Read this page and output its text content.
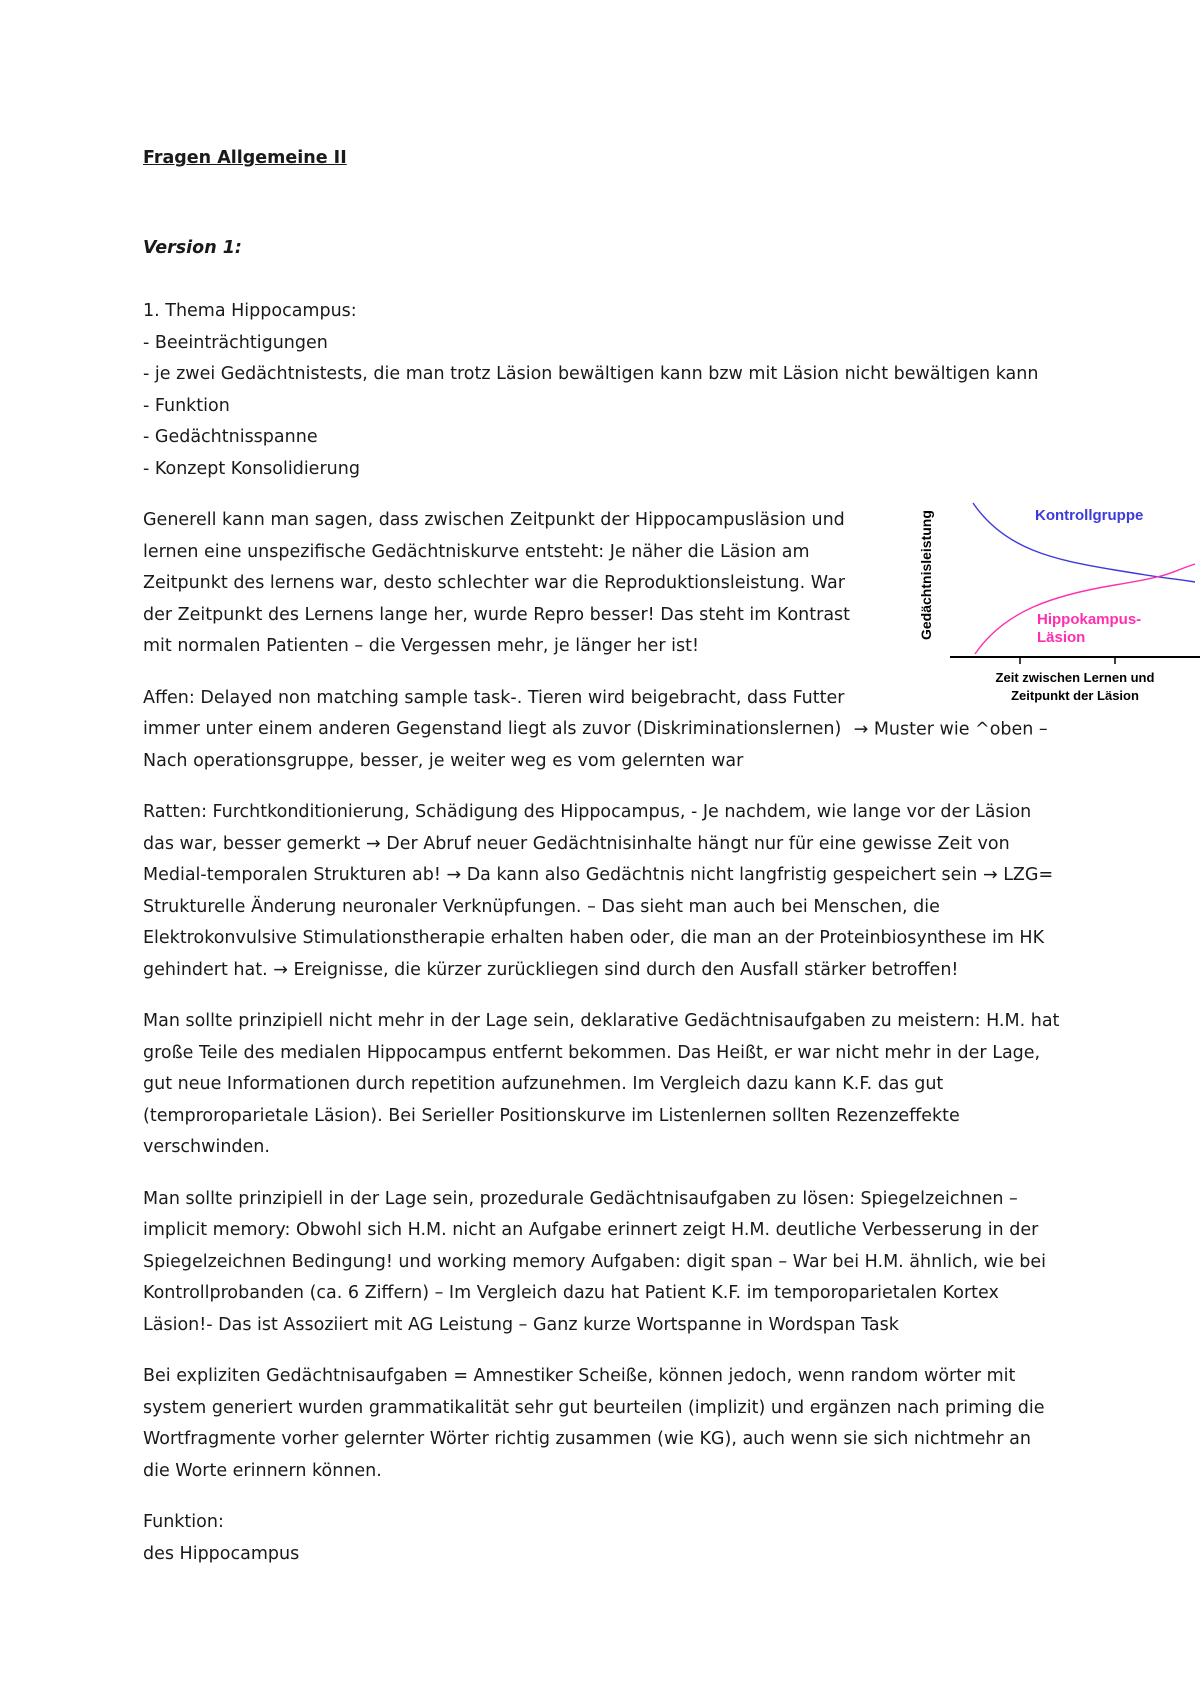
Fragen Allgemeine II

Version 1:

1. Thema Hippocampus:

- Beeinträchtigungen
- je zwei Gedächtnistests, die man trotz Läsion bewältigen kann bzw mit Läsion nicht bewältigen kann
- Funktion
- Gedächtnisspanne
- Konzept Konsolidierung

Generell kann man sagen, dass zwischen Zeitpunkt der Hippocampusläsion und lernen eine unspezifische Gedächtniskurve entsteht: Je näher die Läsion am Zeitpunkt des lernens war, desto schlechter war die Reproduktionsleistung. War der Zeitpunkt des Lernens lange her, wurde Repro besser! Das steht im Kontrast mit normalen Patienten – die Vergessen mehr, je länger her ist!

Affen: Delayed non matching sample task-. Tieren wird beigebracht, dass Futter immer unter einem anderen Gegenstand liegt als zuvor (Diskriminationslernen) → Muster wie ^oben – Nach operationsgruppe, besser, je weiter weg es vom gelernten war

Ratten: Furchtkonditionierung, Schädigung des Hippocampus, - Je nachdem, wie lange vor der Läsion das war, besser gemerkt → Der Abruf neuer Gedächtnisinhalte hängt nur für eine gewisse Zeit von Medial-temporalen Strukturen ab! → Da kann also Gedächtnis nicht langfristig gespeichert sein → LZG= Strukturelle Änderung neuronaler Verknüpfungen. – Das sieht man auch bei Menschen, die Elektrokonvulsive Stimulationstherapie erhalten haben oder, die man an der Proteinbiosynthese im HK gehindert hat. → Ereignisse, die kürzer zurückliegen sind durch den Ausfall stärker betroffen!

Man sollte prinzipiell nicht mehr in der Lage sein, deklarative Gedächtnisaufgaben zu meistern: H.M. hat große Teile des medialen Hippocampus entfernt bekommen. Das Heißt, er war nicht mehr in der Lage, gut neue Informationen durch repetition aufzunehmen. Im Vergleich dazu kann K.F. das gut (temproroparietale Läsion). Bei Serieller Positionskurve im Listenlernen sollten Rezenzeffekte verschwinden.

Man sollte prinzipiell in der Lage sein, prozedurale Gedächtnisaufgaben zu lösen: Spiegelzeichnen – implicit memory: Obwohl sich H.M. nicht an Aufgabe erinnert zeigt H.M. deutliche Verbesserung in der Spiegelzeichnen Bedingung! und working memory Aufgaben: digit span – War bei H.M. ähnlich, wie bei Kontrollprobanden (ca. 6 Ziffern) – Im Vergleich dazu hat Patient K.F. im temporoparietalen Kortex Läsion!- Das ist Assoziiert mit AG Leistung – Ganz kurze Wortspanne in Wordspan Task

Bei expliziten Gedächtnisaufgaben = Amnestiker Scheiße, können jedoch, wenn random wörter mit system generiert wurden grammatikalität sehr gut beurteilen (implizit) und ergänzen nach priming die Wortfragmente vorher gelernter Wörter richtig zusammen (wie KG), auch wenn sie sich nichtmehr an die Worte erinnern können.

Funktion:

des Hippocampus

Gedächtnisleistung	Kontrollgruppe
Hippokampus-
Läsion
Zeit zwischen Lernen und
Zeitpunkt der Läsion
